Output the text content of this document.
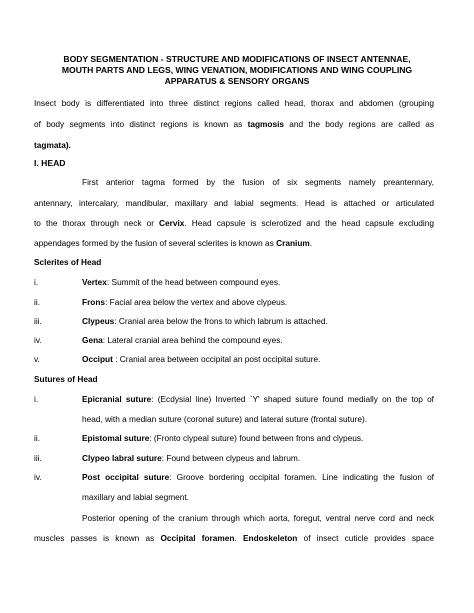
BODY SEGMENTATION - STRUCTURE AND MODIFICATIONS OF INSECT ANTENNAE,
MOUTH PARTS AND LEGS, WING VENATION, MODIFICATIONS AND WING COUPLING
APPARATUS & SENSORY ORGANS
Insect body is differentiated into three distinct regions called head, thorax and abdomen (grouping
of body segments into distinct regions is known as tagmosis and the body regions are called as
tagmata).
I. HEAD
First anterior tagma formed by the fusion of six segments namely preantennary,
antennary, intercalary, mandibular, maxillary and labial segments. Head is attached or articulated
to the thorax through neck or Cervix. Head capsule is sclerotized and the head capsule excluding
appendages formed by the fusion of several sclerites is known as Cranium.
Sclerites of Head
i.	Vertex: Summit of the head between compound eyes.
ii.	Frons: Facial area below the vertex and above clypeus.
iii.	Clypeus: Cranial area below the frons to which labrum is attached.
iv.	Gena: Lateral cranial area behind the compound eyes.
v.	Occiput : Cranial area between occipital an post occipital suture.
Sutures of Head
i.	Epicranial suture: (Ecdysial line) Inverted `Y' shaped suture found medially on the top of
head, with a median suture (coronal suture) and lateral suture (frontal suture).
ii.	Epistomal suture: (Fronto clypeal suture) found between frons and clypeus.
iii.	Clypeo labral suture: Found between clypeus and labrum.
iv.	Post occipital suture: Groove bordering occipital foramen. Line indicating the fusion of
maxillary and labial segment.
Posterior opening of the cranium through which aorta, foregut, ventral nerve cord and neck
muscles passes is known as Occipital foramen. Endoskeleton of insect cuticle provides space
